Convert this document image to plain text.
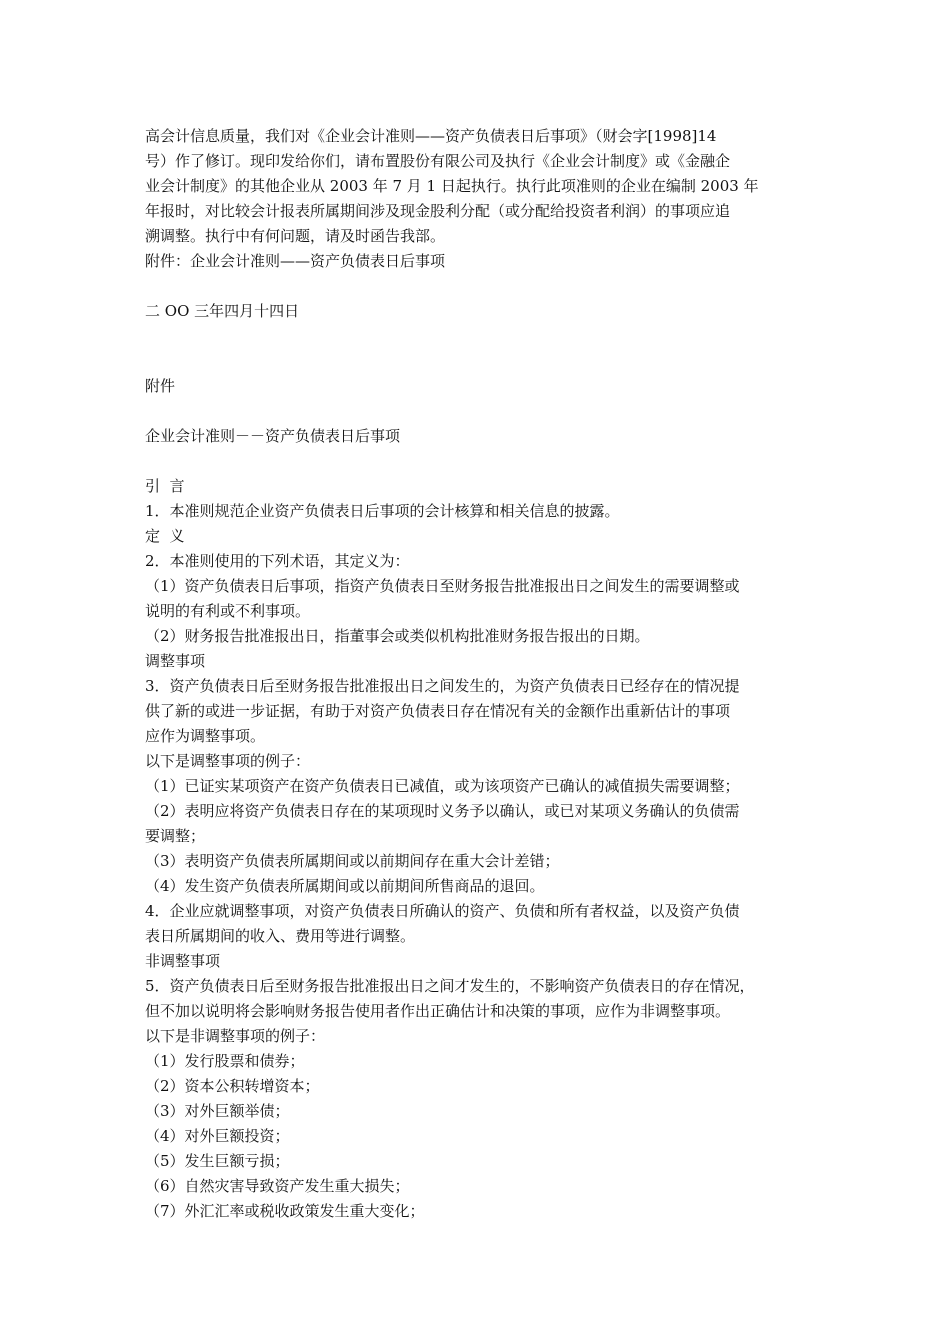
高会计信息质量，我们对《企业会计准则——资产负债表日后事项》（财会字[1998]14
号）作了修订。现印发给你们，请布置股份有限公司及执行《企业会计制度》或《金融企
业会计制度》的其他企业从 2003 年 7 月 1 日起执行。执行此项准则的企业在编制 2003 年
年报时，对比较会计报表所属期间涉及现金股利分配（或分配给投资者利润）的事项应追
溯调整。执行中有何问题，请及时函告我部。
附件：企业会计准则——资产负债表日后事项
二 OO 三年四月十四日
附件
企业会计准则－－资产负债表日后事项
引  言
1．本准则规范企业资产负债表日后事项的会计核算和相关信息的披露。
定  义
2．本准则使用的下列术语，其定义为：
（1）资产负债表日后事项，指资产负债表日至财务报告批准报出日之间发生的需要调整或
说明的有利或不利事项。
（2）财务报告批准报出日，指董事会或类似机构批准财务报告报出的日期。
调整事项
3．资产负债表日后至财务报告批准报出日之间发生的，为资产负债表日已经存在的情况提
供了新的或进一步证据，有助于对资产负债表日存在情况有关的金额作出重新估计的事项
应作为调整事项。
以下是调整事项的例子：
（1）已证实某项资产在资产负债表日已减值，或为该项资产已确认的减值损失需要调整；
（2）表明应将资产负债表日存在的某项现时义务予以确认，或已对某项义务确认的负债需
要调整；
（3）表明资产负债表所属期间或以前期间存在重大会计差错；
（4）发生资产负债表所属期间或以前期间所售商品的退回。
4．企业应就调整事项，对资产负债表日所确认的资产、负债和所有者权益，以及资产负债
表日所属期间的收入、费用等进行调整。
非调整事项
5．资产负债表日后至财务报告批准报出日之间才发生的，不影响资产负债表日的存在情况，
但不加以说明将会影响财务报告使用者作出正确估计和决策的事项，应作为非调整事项。
以下是非调整事项的例子：
（1）发行股票和债券；
（2）资本公积转增资本；
（3）对外巨额举债；
（4）对外巨额投资；
（5）发生巨额亏损；
（6）自然灾害导致资产发生重大损失；
（7）外汇汇率或税收政策发生重大变化；
